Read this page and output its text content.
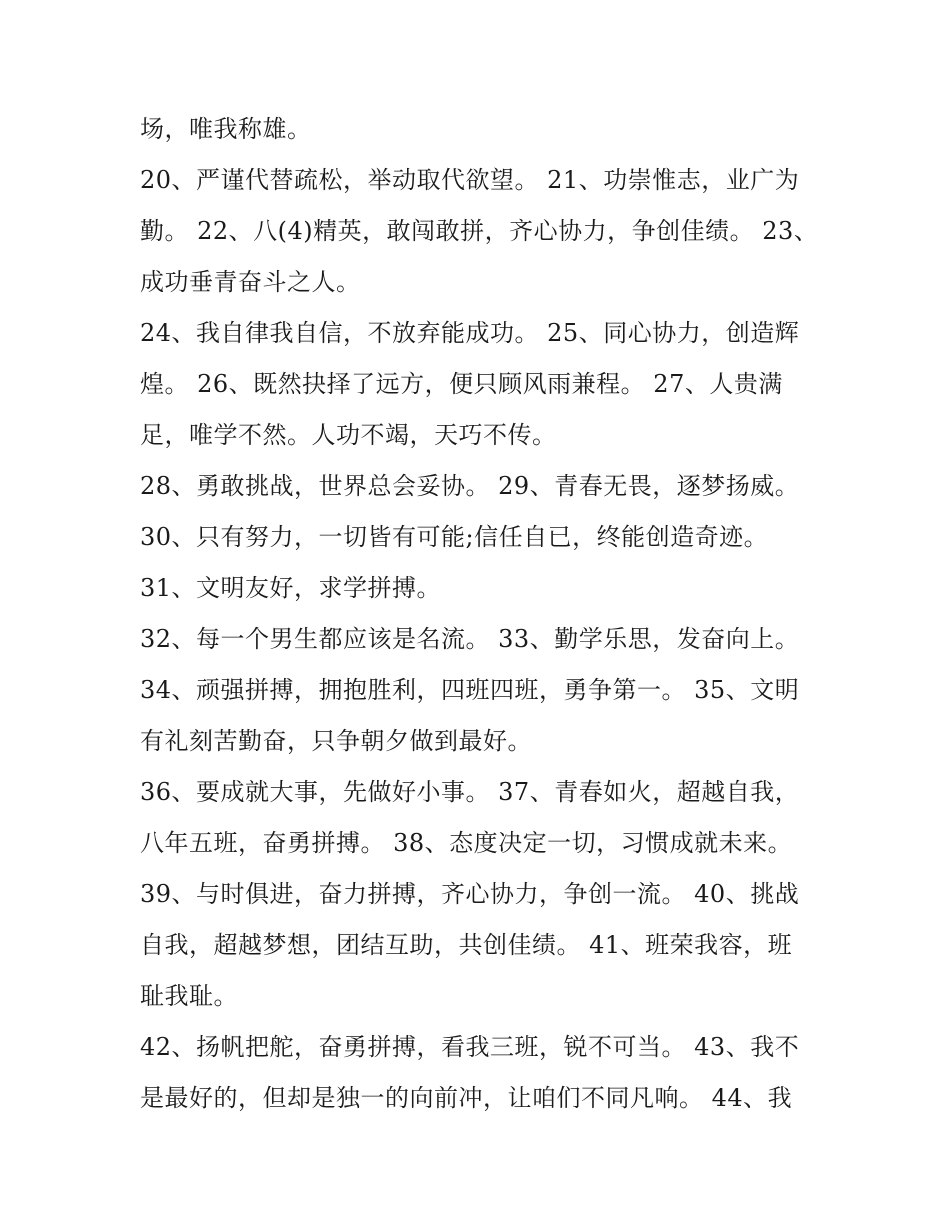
场，唯我称雄。
20、严谨代替疏松，举动取代欲望。 21、功崇惟志，业广为
勤。 22、八(4)精英，敢闯敢拼，齐心协力，争创佳绩。 23、
成功垂青奋斗之人。
24、我自律我自信，不放弃能成功。 25、同心协力，创造辉
煌。 26、既然抉择了远方，便只顾风雨兼程。 27、人贵满
足，唯学不然。人功不竭，天巧不传。
28、勇敢挑战，世界总会妥协。 29、青春无畏，逐梦扬威。
30、只有努力，一切皆有可能;信任自已，终能创造奇迹。
31、文明友好，求学拼搏。
32、每一个男生都应该是名流。 33、勤学乐思，发奋向上。
34、顽强拼搏，拥抱胜利，四班四班，勇争第一。 35、文明
有礼刻苦勤奋，只争朝夕做到最好。
36、要成就大事，先做好小事。 37、青春如火，超越自我，
八年五班，奋勇拼搏。 38、态度决定一切，习惯成就未来。
39、与时俱进，奋力拼搏，齐心协力，争创一流。 40、挑战
自我，超越梦想，团结互助，共创佳绩。 41、班荣我容，班
耻我耻。
42、扬帆把舵，奋勇拼搏，看我三班，锐不可当。 43、我不
是最好的，但却是独一的向前冲，让咱们不同凡响。 44、我
